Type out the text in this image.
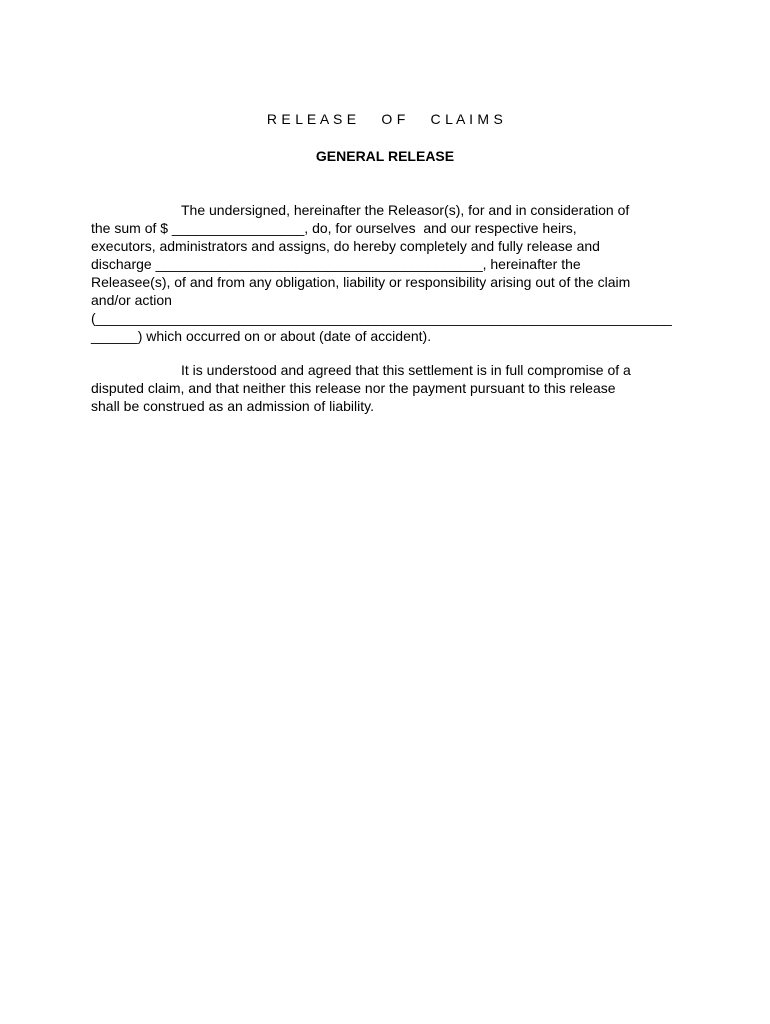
R E L E A S E      O F      C L A I M S
GENERAL RELEASE
The undersigned, hereinafter the Releasor(s), for and in consideration of
the sum of $ _________________, do, for ourselves  and our respective heirs,
executors, administrators and assigns, do hereby completely and fully release and
discharge __________________________________________, hereinafter the
Releasee(s), of and from any obligation, liability or responsibility arising out of the claim
and/or action
(__________________________________________________________________________
______) which occurred on or about (date of accident).
It is understood and agreed that this settlement is in full compromise of a
disputed claim, and that neither this release nor the payment pursuant to this release
shall be construed as an admission of liability.
